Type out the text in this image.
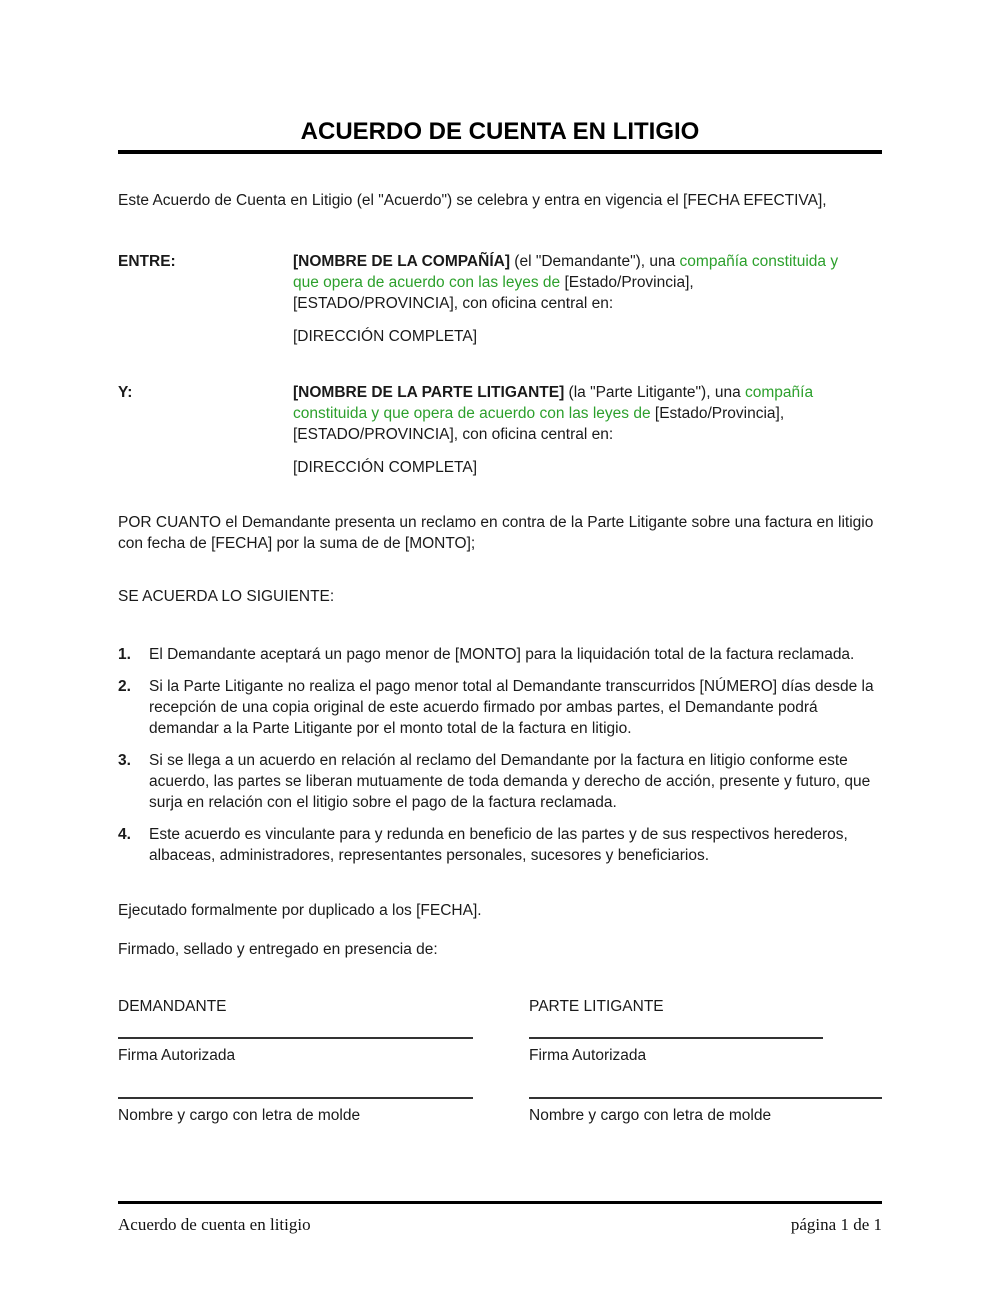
ACUERDO DE CUENTA EN LITIGIO

Este Acuerdo de Cuenta en Litigio (el "Acuerdo") se celebra y entra en vigencia el [FECHA EFECTIVA],

ENTRE:	[NOMBRE DE LA COMPAÑÍA] (el "Demandante"), una compañía constituida y
que opera de acuerdo con las leyes de [Estado/Provincia],
[ESTADO/PROVINCIA], con oficina central en:

[DIRECCIÓN COMPLETA]

Y:	[NOMBRE DE LA PARTE LITIGANTE] (la "Parte Litigante"), una compañía
constituida y que opera de acuerdo con las leyes de [Estado/Provincia],
[ESTADO/PROVINCIA], con oficina central en:

[DIRECCIÓN COMPLETA]

POR CUANTO el Demandante presenta un reclamo en contra de la Parte Litigante sobre una factura en litigio con fecha de [FECHA] por la suma de de [MONTO];

SE ACUERDA LO SIGUIENTE:

1.	El Demandante aceptará un pago menor de [MONTO] para la liquidación total de la factura reclamada.

2.	Si la Parte Litigante no realiza el pago menor total al Demandante transcurridos [NÚMERO] días desde la recepción de una copia original de este acuerdo firmado por ambas partes, el Demandante podrá demandar a la Parte Litigante por el monto total de la factura en litigio.

3.	Si se llega a un acuerdo en relación al reclamo del Demandante por la factura en litigio conforme este acuerdo, las partes se liberan mutuamente de toda demanda y derecho de acción, presente y futuro, que surja en relación con el litigio sobre el pago de la factura reclamada.

4.	Este acuerdo es vinculante para y redunda en beneficio de las partes y de sus respectivos herederos, albaceas, administradores, representantes personales, sucesores y beneficiarios.

Ejecutado formalmente por duplicado a los [FECHA].

Firmado, sellado y entregado en presencia de:

DEMANDANTE

Firma Autorizada

Nombre y cargo con letra de molde

PARTE LITIGANTE

Firma Autorizada

Nombre y cargo con letra de molde

Acuerdo de cuenta en litigio	página 1 de 1
